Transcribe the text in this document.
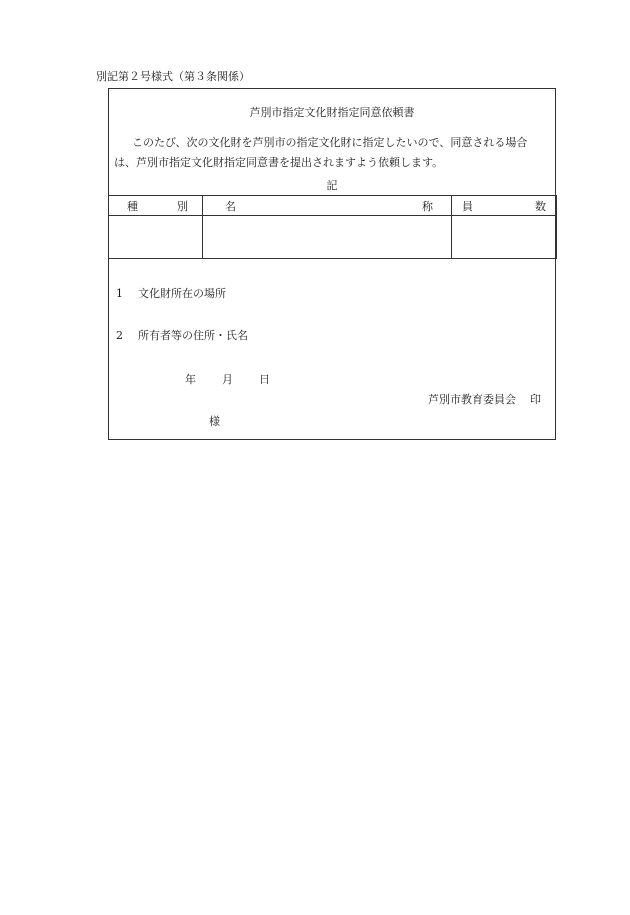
別記第２号様式（第３条関係）
芦別市指定文化財指定同意依頼書
このたび、次の文化財を芦別市の指定文化財に指定したいので、同意される場合
は、芦別市指定文化財指定同意書を提出されますよう依頼します。
記
種 別	名 称	員 数

1 文化財所在の場所
2 所有者等の住所・氏名
年 月 日
芦別市教育委員会 印
様
